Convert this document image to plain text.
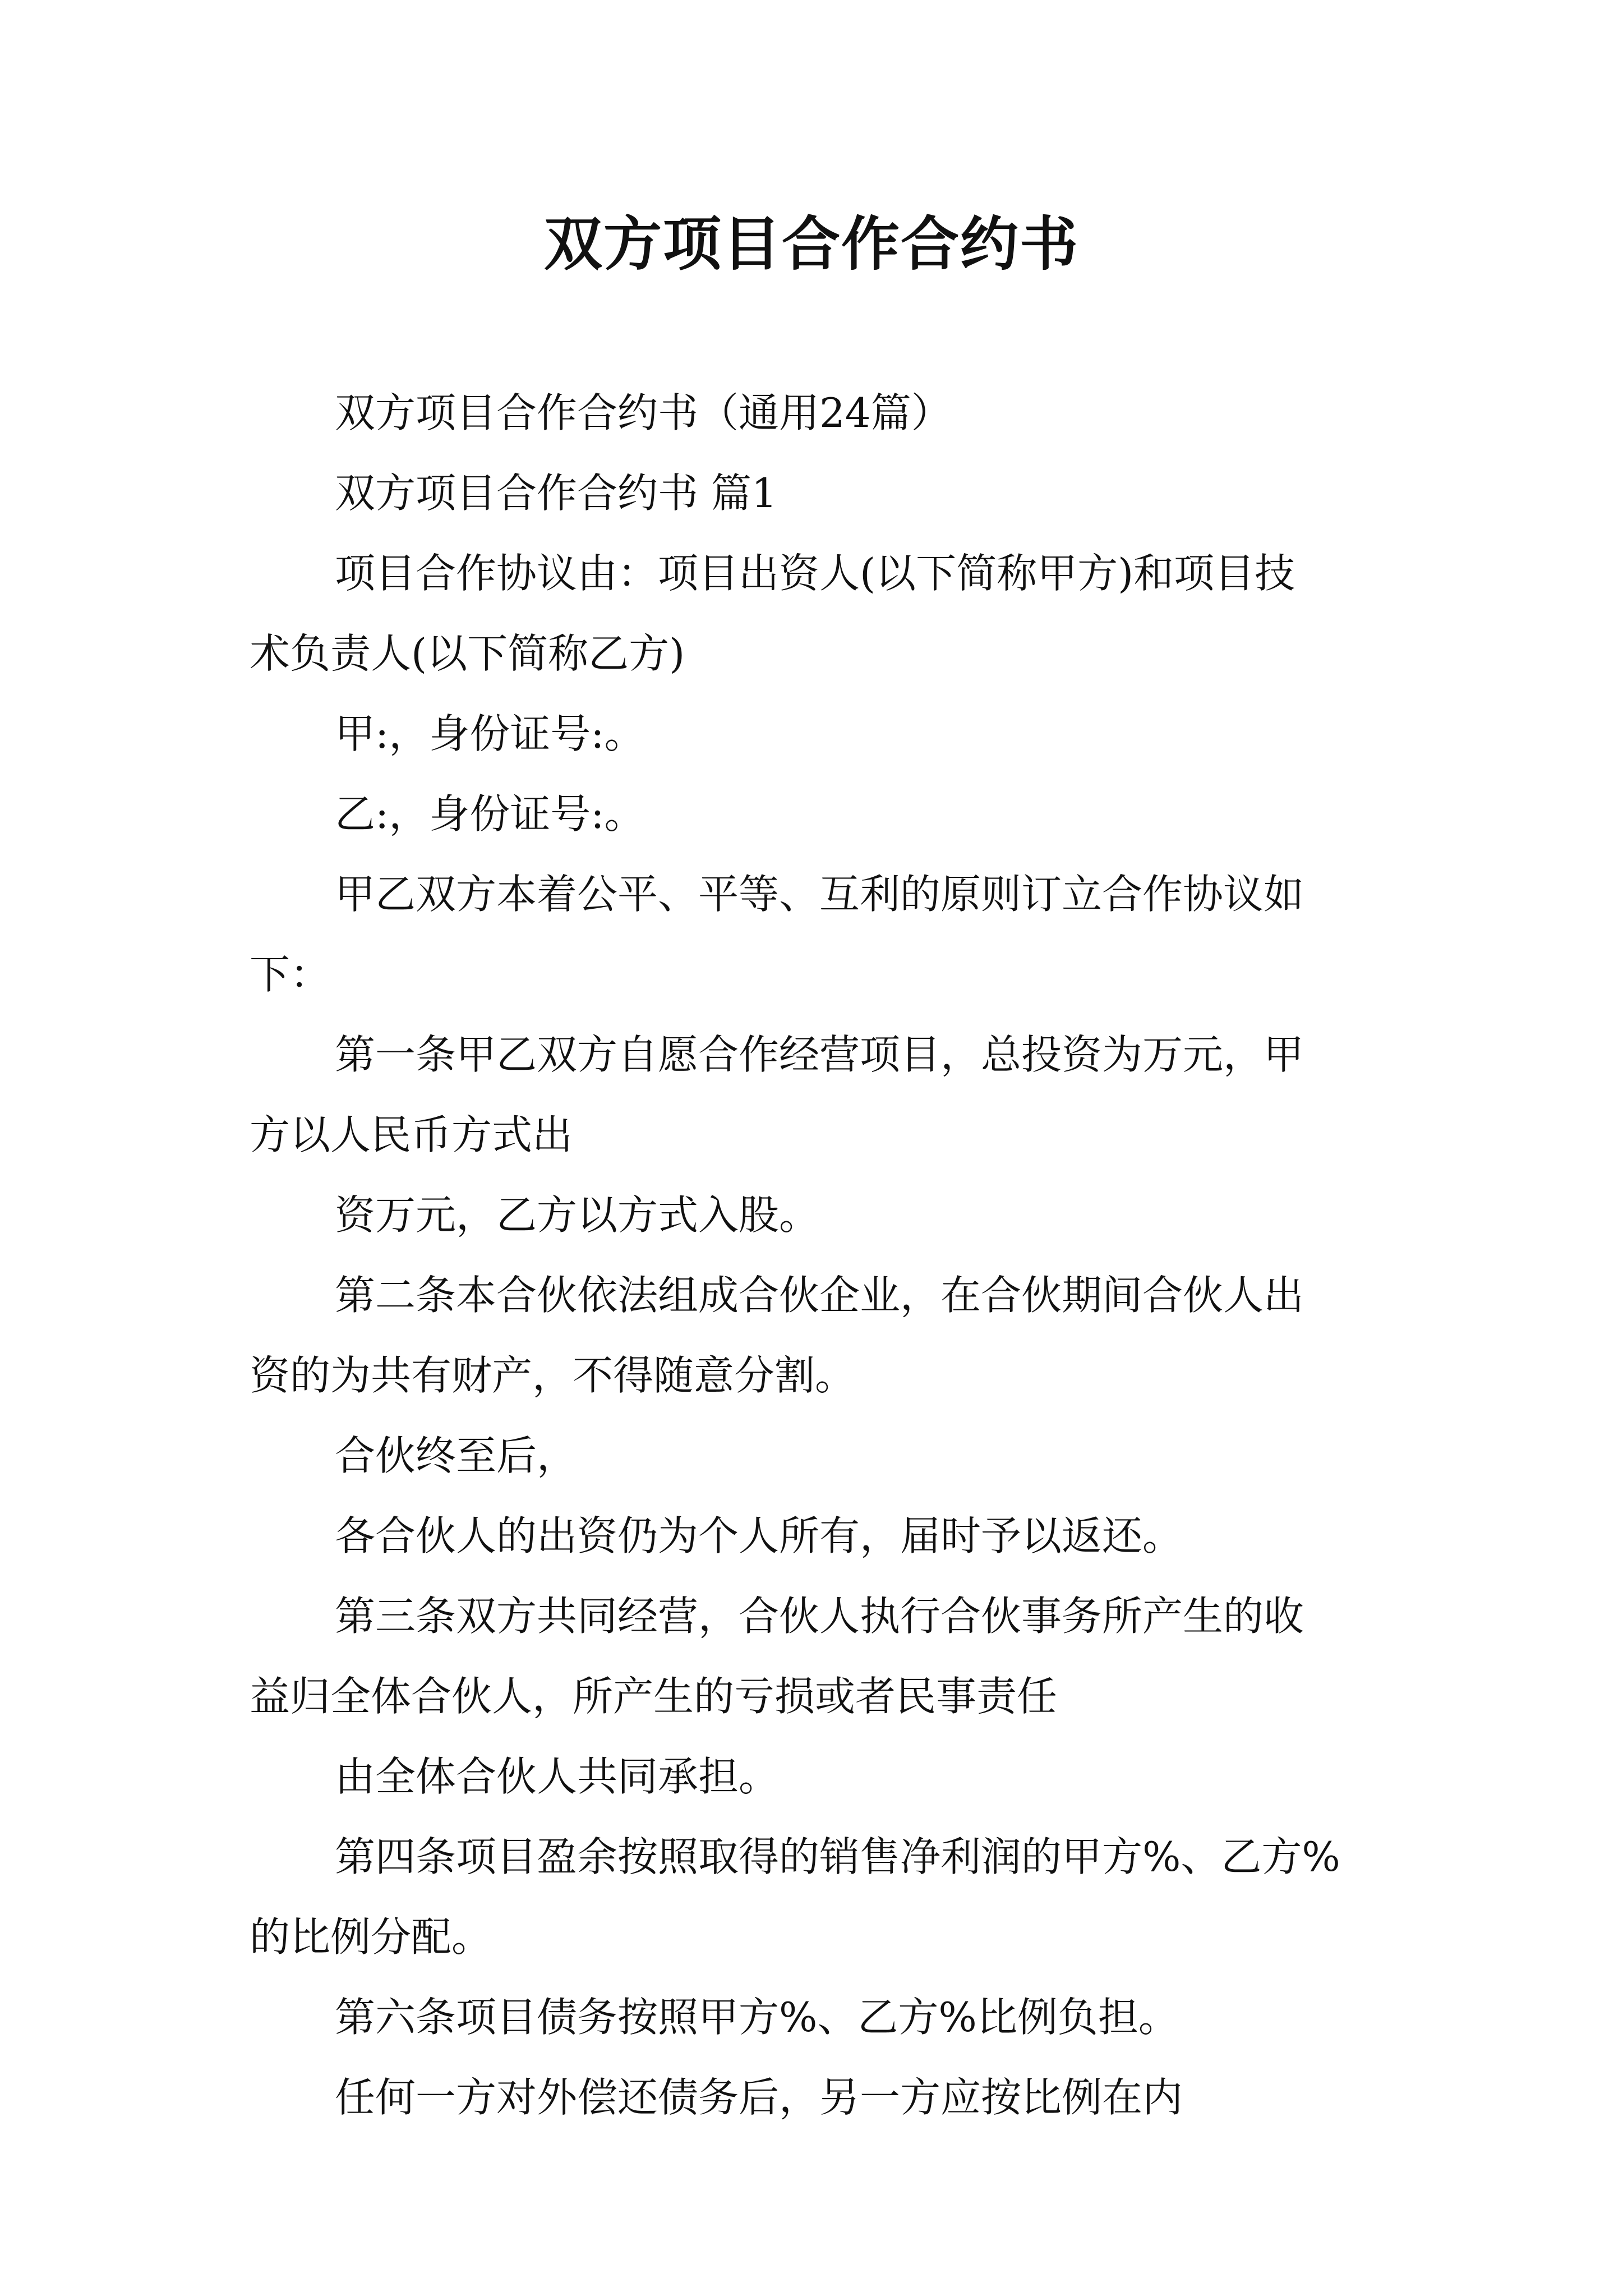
双方项目合作合约书
双方项目合作合约书（通用24篇）
双方项目合作合约书 篇1
项目合作协议由：项目出资人(以下简称甲方)和项目技
术负责人(以下简称乙方)
甲:，身份证号:。
乙:，身份证号:。
甲乙双方本着公平、平等、互利的原则订立合作协议如
下：
第一条甲乙双方自愿合作经营项目，总投资为万元，甲
方以人民币方式出
资万元，乙方以方式入股。
第二条本合伙依法组成合伙企业，在合伙期间合伙人出
资的为共有财产，不得随意分割。
合伙终至后，
各合伙人的出资仍为个人所有，届时予以返还。
第三条双方共同经营，合伙人执行合伙事务所产生的收
益归全体合伙人，所产生的亏损或者民事责任
由全体合伙人共同承担。
第四条项目盈余按照取得的销售净利润的甲方%、乙方%
的比例分配。
第六条项目债务按照甲方%、乙方%比例负担。
任何一方对外偿还债务后，另一方应按比例在内
